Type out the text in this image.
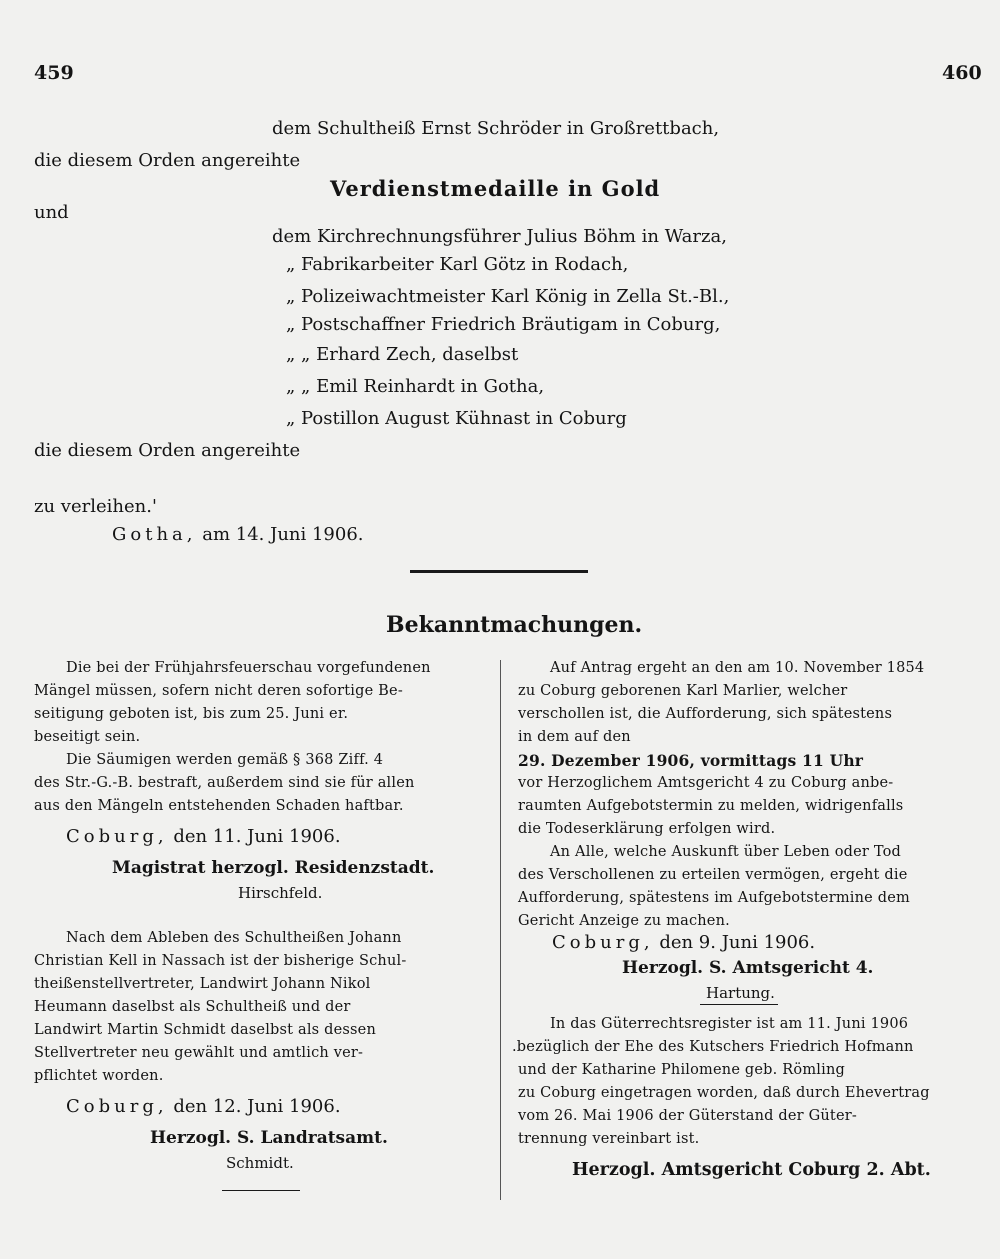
459	460
dem Schultheiß Ernst Schröder in Großrettbach,
die diesem Orden angereihte
Verdienstmedaille in Gold
und
dem Kirchrechnungsführer Julius Böhm in Warza,
„ Fabrikarbeiter Karl Götz in Rodach,
„ Polizeiwachtmeister Karl König in Zella St.-Bl.,
„ Postschaffner Friedrich Bräutigam in Coburg,
„ „ Erhard Zech, daselbst
„ „ Emil Reinhardt in Gotha,
„ Postillon August Kühnast in Coburg
die diesem Orden angereihte
zu verleihen.'
Gotha, am 14. Juni 1906.
Bekanntmachungen.
Die bei der Frühjahrsfeuerschau vorgefundenen
Mängel müssen, sofern nicht deren sofortige Be-
seitigung geboten ist, bis zum 25. Juni er.
beseitigt sein.
Die Säumigen werden gemäß § 368 Ziff. 4
des Str.-G.-B. bestraft, außerdem sind sie für allen
aus den Mängeln entstehenden Schaden haftbar.
Coburg, den 11. Juni 1906.
Magistrat herzogl. Residenzstadt.
Hirschfeld.
Nach dem Ableben des Schultheißen Johann
Christian Kell in Nassach ist der bisherige Schul-
theißenstellvertreter, Landwirt Johann Nikol
Heumann daselbst als Schultheiß und der
Landwirt Martin Schmidt daselbst als dessen
Stellvertreter neu gewählt und amtlich ver-
pflichtet worden.
Coburg, den 12. Juni 1906.
Herzogl. S. Landratsamt.
Schmidt.
Auf Antrag ergeht an den am 10. November 1854
zu Coburg geborenen Karl Marlier, welcher
verschollen ist, die Aufforderung, sich spätestens
in dem auf den
29. Dezember 1906, vormittags 11 Uhr
vor Herzoglichem Amtsgericht 4 zu Coburg anbe-
raumten Aufgebotstermin zu melden, widrigenfalls
die Todeserklärung erfolgen wird.
An Alle, welche Auskunft über Leben oder Tod
des Verschollenen zu erteilen vermögen, ergeht die
Aufforderung, spätestens im Aufgebotstermine dem
Gericht Anzeige zu machen.
Coburg, den 9. Juni 1906.
Herzogl. S. Amtsgericht 4.
Hartung.
In das Güterrechtsregister ist am 11. Juni 1906
.bezüglich der Ehe des Kutschers Friedrich Hofmann
und der Katharine Philomene geb. Römling
zu Coburg eingetragen worden, daß durch Ehevertrag
vom 26. Mai 1906 der Güterstand der Güter-
trennung vereinbart ist.
Herzogl. Amtsgericht Coburg 2. Abt.
